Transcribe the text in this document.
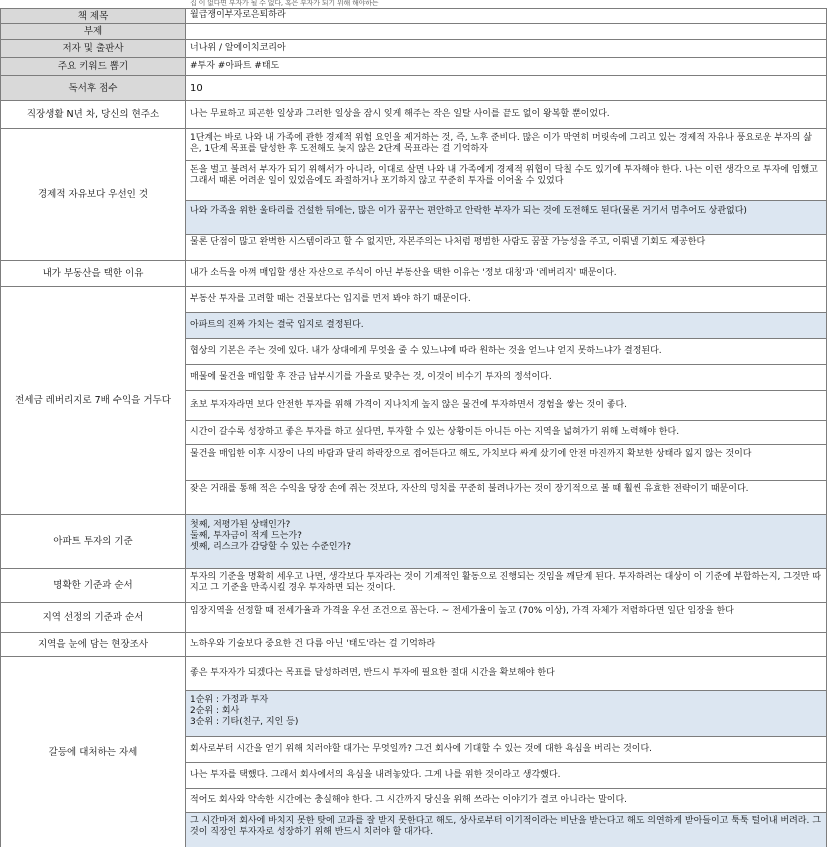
집 이 없다면 부자가 될 수 없다, 혹은 부자가 되기 위해 해야하는
책 제목	월급쟁이부자로은퇴하라
부제
저자 및 출판사	너나위 / 알에이치코리아
주요 키워드 뽑기	#투자 #아파트 #태도
독서후 점수	10
직장생활 N년 차, 당신의 현주소	나는 무료하고 피곤한 일상과 그러한 일상을 잠시 잊게 해주는 작은 일탈 사이를 끝도 없이 왕복할 뿐이었다.
경제적 자유보다 우선인 것
1단계는 바로 나와 내 가족에 관한 경제적 위험 요인을 제거하는 것, 즉, 노후 준비다. 많은 이가 막연히 머릿속에 그리고 있는 경제적 자유나 풍요로운 부자의 삶은, 1단계 목표를 달성한 후 도전해도 늦지 않은 2단계 목표라는 걸 기억하자
돈을 벌고 불려서 부자가 되기 위해서가 아니라, 이대로 살면 나와 내 가족에게 경제적 위협이 닥칠 수도 있기에 투자해야 한다. 나는 이런 생각으로 투자에 임했고 그래서 때론 어려운 일이 있었음에도 좌절하거나 포기하지 않고 꾸준히 투자를 이어올 수 있었다
나와 가족을 위한 울타리를 건설한 뒤에는, 많은 이가 꿈꾸는 편안하고 안락한 부자가 되는 것에 도전해도 된다(물론 거기서 멈추어도 상관없다)
물론 단점이 많고 완벽한 시스템이라고 할 수 없지만, 자본주의는 나처럼 평범한 사람도 꿈꿀 가능성을 주고, 이뤄낼 기회도 제공한다
내가 부동산을 택한 이유	내가 소득을 아껴 매입할 생산 자산으로 주식이 아닌 부동산을 택한 이유는 '정보 대칭'과 '레버리지' 때문이다.
전세금 레버리지로 7배 수익을 거두다
부동산 투자를 고려할 때는 건물보다는 입지를 먼저 봐야 하기 때문이다.
아파트의 진짜 가치는 결국 입지로 결정된다.
협상의 기본은 주는 것에 있다. 내가 상대에게 무엇을 줄 수 있느냐에 따라 원하는 것을 얻느냐 얻지 못하느냐가 결정된다.
매물에 물건을 매입할 후 잔금 납부시기를 가을로 맞추는 것, 이것이 비수기 투자의 정석이다.
초보 투자자라면 보다 안전한 투자를 위해 가격이 지나치게 높지 않은 물건에 투자하면서 경험을 쌓는 것이 좋다.
시간이 갈수록 성장하고 좋은 투자를 하고 싶다면, 투자할 수 있는 상황이든 아니든 아는 지역을 넓혀가기 위해 노력해야 한다.
물건을 매입한 이후 시장이 나의 바람과 달리 하락장으로 접어든다고 해도, 가치보다 싸게 샀기에 안전 마진까지 확보한 상태라 잃지 않는 것이다
잦은 거래를 통해 적은 수익을 당장 손에 쥐는 것보다, 자산의 덩치를 꾸준히 불려나가는 것이 장기적으로 볼 때 훨씬 유효한 전략이기 때문이다.
아파트 투자의 기준
첫째, 저평가된 상태인가?
둘째, 투자금이 적게 드는가?
셋째, 리스크가 감당할 수 있는 수준인가?
명확한 기준과 순서
투자의 기준을 명확히 세우고 나면, 생각보다 투자라는 것이 기계적인 활동으로 진행되는 것임을 깨닫게 된다. 투자하려는 대상이 이 기준에 부합하는지, 그것만 따지고 그 기준을 만족시킬 경우 투자하면 되는 것이다.
지역 선정의 기준과 순서
임장지역을 선정할 때 전세가율과 가격을 우선 조건으로 꼽는다. ~ 전세가율이 높고 (70% 이상), 가격 자체가 저렴하다면 일단 임장을 한다
지역을 눈에 담는 현장조사	노하우와 기술보다 중요한 건 다름 아닌 '태도'라는 걸 기억하라
갈등에 대처하는 자세
좋은 투자자가 되겠다는 목표를 달성하려면, 반드시 투자에 필요한 절대 시간을 확보해야 한다
1순위 : 가정과 투자
2순위 : 회사
3순위 : 기타(친구, 지인 등)
회사로부터 시간을 얻기 위해 치러야할 대가는 무엇일까? 그건 회사에 기대할 수 있는 것에 대한 욕심을 버리는 것이다.
나는 투자를 택했다. 그래서 회사에서의 욕심을 내려놓았다. 그게 나를 위한 것이라고 생각했다.
적어도 회사와 약속한 시간에는 충실해야 한다. 그 시간까지 당신을 위해 쓰라는 이야기가 결코 아니라는 말이다.
그 시간마저 회사에 바치지 못한 탓에 고과를 잘 받지 못한다고 해도, 상사로부터 이기적이라는 비난을 받는다고 해도 의연하게 받아들이고 툭툭 털어내 버려라. 그것이 직장인 투자자로 성장하기 위해 반드시 치러야 할 대가다.
